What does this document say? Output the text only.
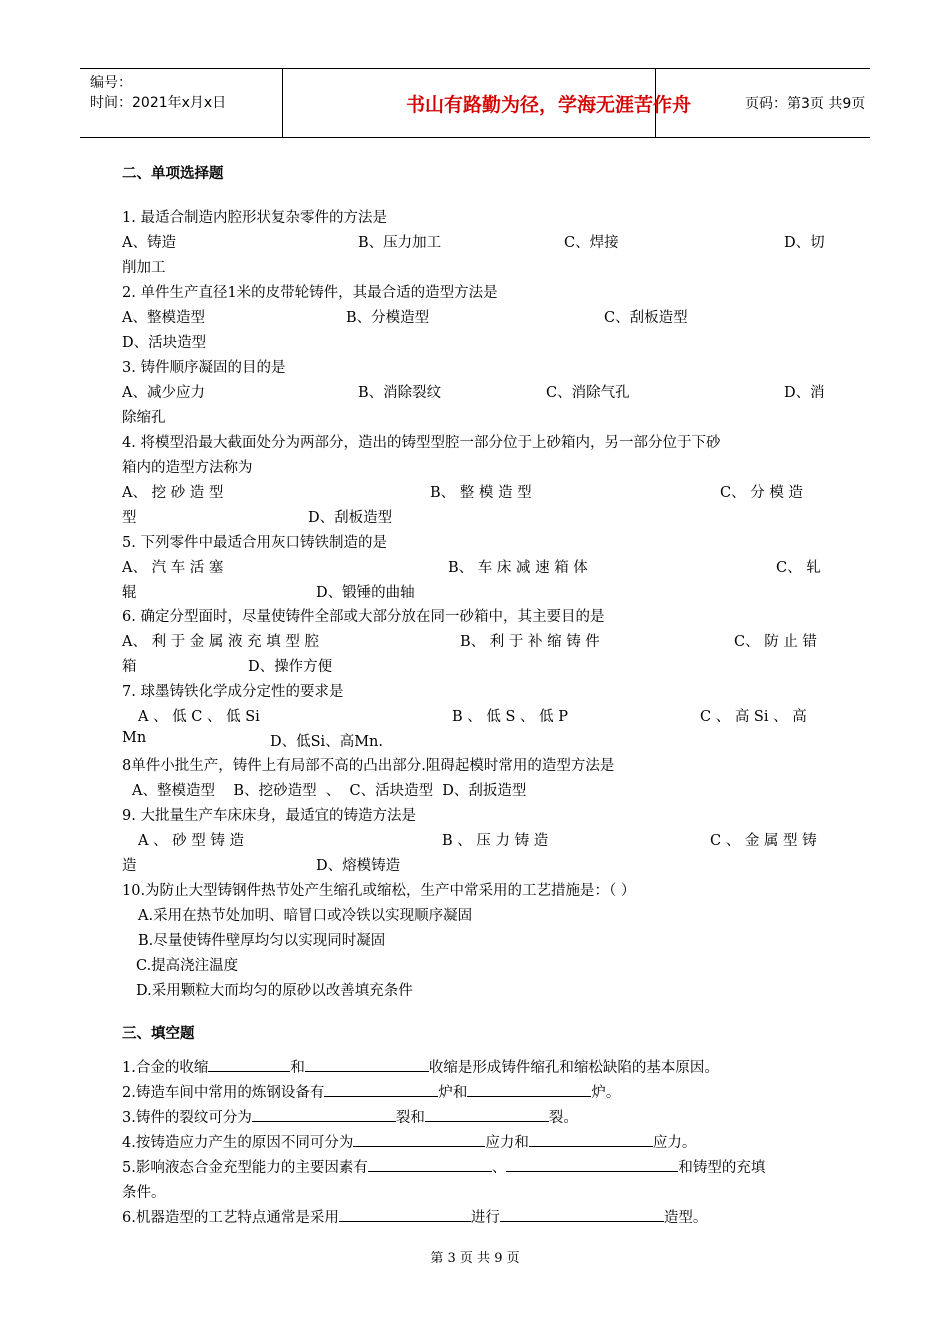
编号：
时间：2021年x月x日	书山有路勤为径，学海无涯苦作舟	页码：第3页 共9页
二、单项选择题
1. 最适合制造内腔形状复杂零件的方法是
A、铸造	B、压力加工	C、焊接	D、切
削加工
2. 单件生产直径1米的皮带轮铸件，其最合适的造型方法是
A、整模造型	B、分模造型	C、刮板造型
D、活块造型
3. 铸件顺序凝固的目的是
A、减少应力	B、消除裂纹	C、消除气孔	D、消
除缩孔
4. 将模型沿最大截面处分为两部分，造出的铸型型腔一部分位于上砂箱内，另一部分位于下砂
箱内的造型方法称为
A、 挖 砂 造 型	B、 整 模 造 型	C、 分 模 造
型	D、刮板造型
5. 下列零件中最适合用灰口铸铁制造的是
A、 汽 车 活 塞	B、 车 床 减 速 箱 体	C、 轧
辊	D、锻锤的曲轴
6. 确定分型面时，尽量使铸件全部或大部分放在同一砂箱中，其主要目的是
A、 利 于 金 属 液 充 填 型 腔	B、 利 于 补 缩 铸 件	C、 防 止 错
箱	D、操作方便
7. 球墨铸铁化学成分定性的要求是
A 、 低 C 、 低 Si	B 、 低 S 、 低 P	C 、 高 Si 、 高
Mn	D、低Si、高Mn.
8单件小批生产，铸件上有局部不高的凸出部分.阻碍起模时常用的造型方法是
A、整模造型    B、挖砂造型  、  C、活块造型  D、刮扳造型
9. 大批量生产车床床身，最适宜的铸造方法是
A 、 砂 型 铸 造	B 、 压 力 铸 造	C 、 金 属 型 铸
造	D、熔模铸造
10.为防止大型铸钢件热节处产生缩孔或缩松，生产中常采用的工艺措施是：（ ）
A.采用在热节处加明、暗冒口或冷铁以实现顺序凝固
B.尽量使铸件壁厚均匀以实现同时凝固
C.提高浇注温度
D.采用颗粒大而均匀的原砂以改善填充条件
三、填空题
1.合金的收缩	和	收缩是形成铸件缩孔和缩松缺陷的基本原因。
2.铸造车间中常用的炼钢设备有	炉和	炉。
3.铸件的裂纹可分为	裂和	裂。
4.按铸造应力产生的原因不同可分为	应力和	应力。
5.影响液态合金充型能力的主要因素有	、	和铸型的充填
条件。
6.机器造型的工艺特点通常是采用	进行	造型。
第 3 页 共 9 页
